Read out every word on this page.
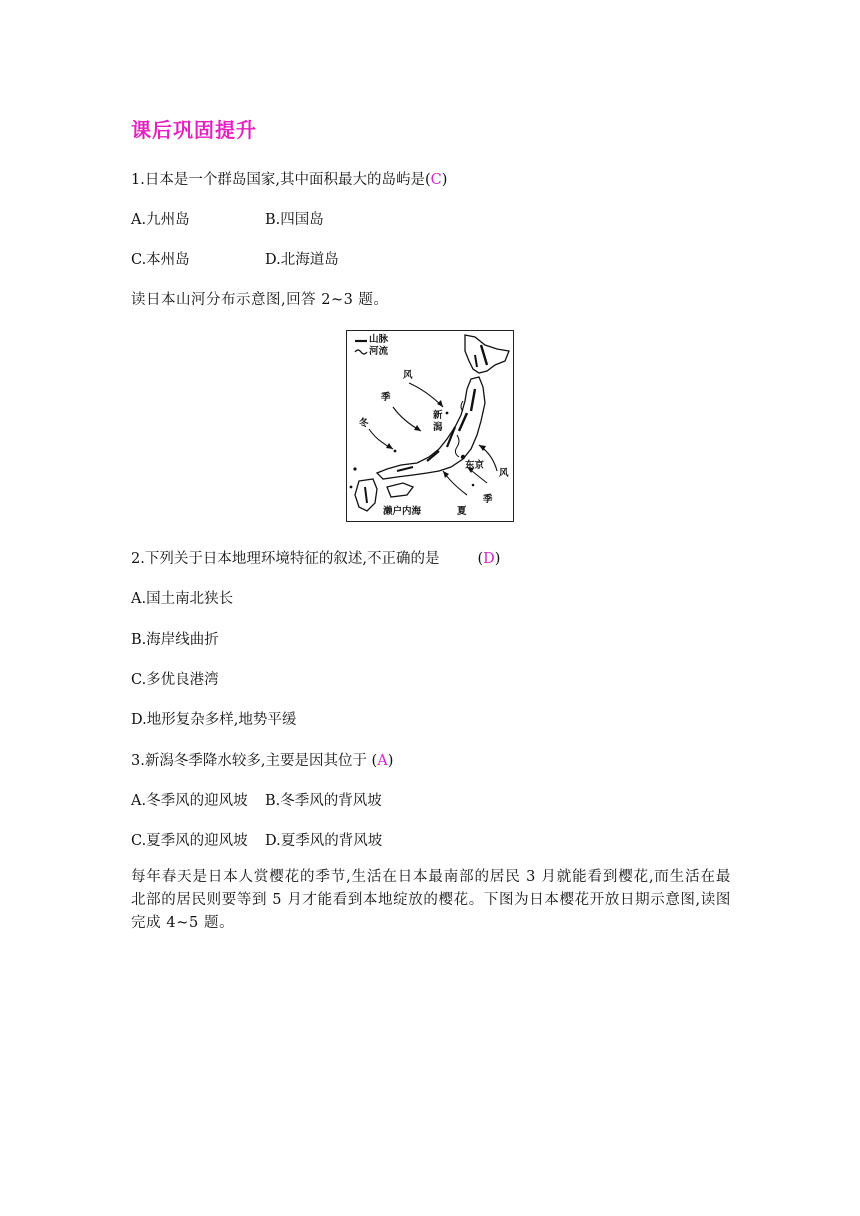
课后巩固提升
1.日本是一个群岛国家,其中面积最大的岛屿是(C)
A.九州岛	B.四国岛
C.本州岛	D.北海道岛
读日本山河分布示意图,回答 2~3 题。
山脉
河流
风
季
冬
新
潟
东京
风
季
夏
濑户内海
2.下列关于日本地理环境特征的叙述,不正确的是	(D)
A.国土南北狭长
B.海岸线曲折
C.多优良港湾
D.地形复杂多样,地势平缓
3.新潟冬季降水较多,主要是因其位于 (A)
A.冬季风的迎风坡 B.冬季风的背风坡
C.夏季风的迎风坡 D.夏季风的背风坡
每年春天是日本人赏樱花的季节,生活在日本最南部的居民 3 月就能看到樱花,而生活在最北部的居民则要等到 5 月才能看到本地绽放的樱花。下图为日本樱花开放日期示意图,读图完成 4~5 题。
